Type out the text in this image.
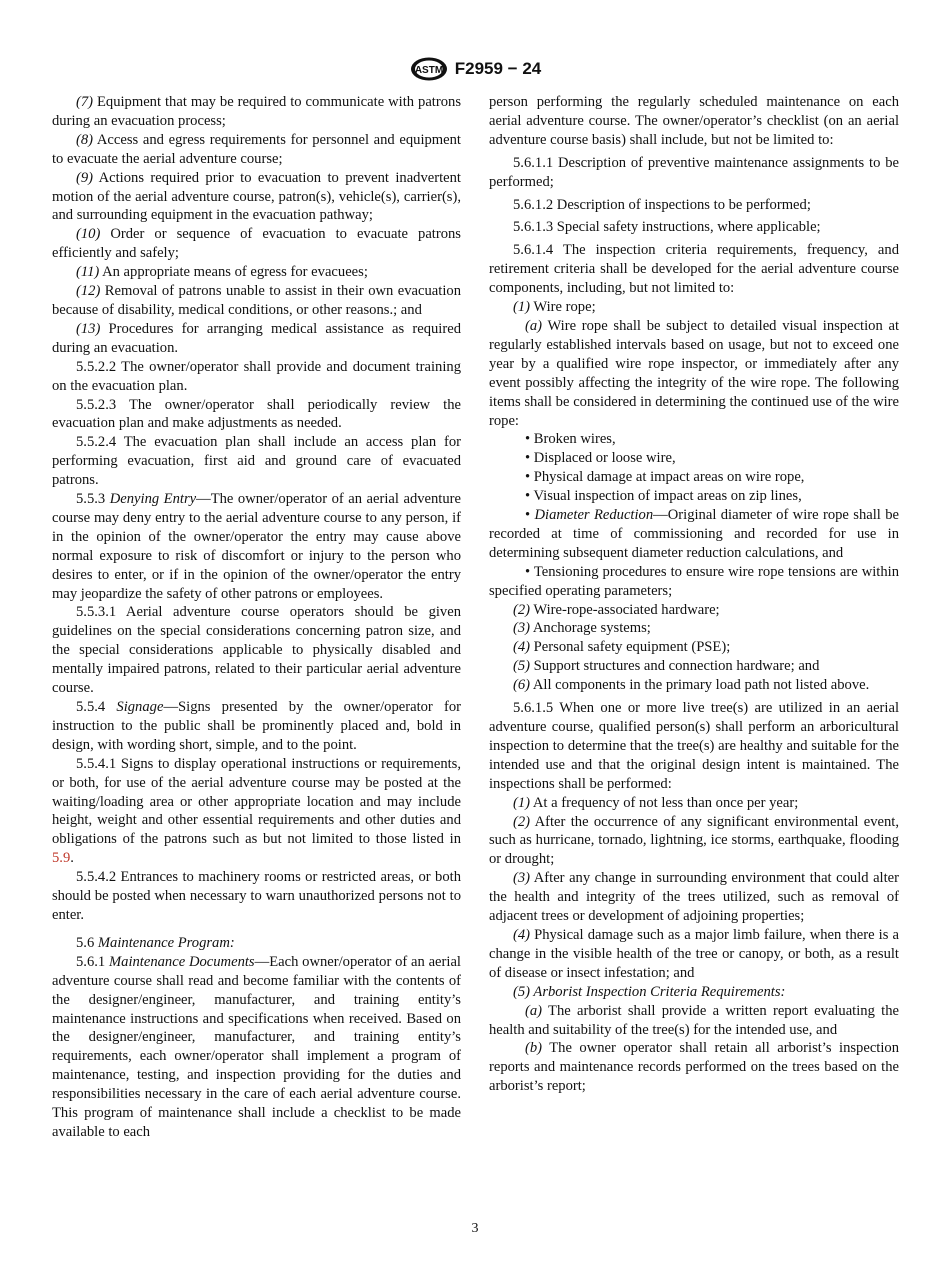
ASTM F2959 − 24

(7) Equipment that may be required to communicate with patrons during an evacuation process;

(8) Access and egress requirements for personnel and equipment to evacuate the aerial adventure course;

(9) Actions required prior to evacuation to prevent inadvertent motion of the aerial adventure course, patron(s), vehicle(s), carrier(s), and surrounding equipment in the evacuation pathway;

(10) Order or sequence of evacuation to evacuate patrons efficiently and safely;

(11) An appropriate means of egress for evacuees;

(12) Removal of patrons unable to assist in their own evacuation because of disability, medical conditions, or other reasons.; and

(13) Procedures for arranging medical assistance as required during an evacuation.

5.5.2.2 The owner/operator shall provide and document training on the evacuation plan.

5.5.2.3 The owner/operator shall periodically review the evacuation plan and make adjustments as needed.

5.5.2.4 The evacuation plan shall include an access plan for performing evacuation, first aid and ground care of evacuated patrons.

5.5.3 Denying Entry—The owner/operator of an aerial adventure course may deny entry to the aerial adventure course to any person, if in the opinion of the owner/operator the entry may cause above normal exposure to risk of discomfort or injury to the person who desires to enter, or if in the opinion of the owner/operator the entry may jeopardize the safety of other patrons or employees.

5.5.3.1 Aerial adventure course operators should be given guidelines on the special considerations concerning patron size, and the special considerations applicable to physically disabled and mentally impaired patrons, related to their particular aerial adventure course.

5.5.4 Signage—Signs presented by the owner/operator for instruction to the public shall be prominently placed and, bold in design, with wording short, simple, and to the point.

5.5.4.1 Signs to display operational instructions or requirements, or both, for use of the aerial adventure course may be posted at the waiting/loading area or other appropriate location and may include height, weight and other essential requirements and other duties and obligations of the patrons such as but not limited to those listed in 5.9.

5.5.4.2 Entrances to machinery rooms or restricted areas, or both should be posted when necessary to warn unauthorized persons not to enter.

5.6 Maintenance Program:

5.6.1 Maintenance Documents—Each owner/operator of an aerial adventure course shall read and become familiar with the contents of the designer/engineer, manufacturer, and training entity’s maintenance instructions and specifications when received. Based on the designer/engineer, manufacturer, and training entity’s requirements, each owner/operator shall implement a program of maintenance, testing, and inspection providing for the duties and responsibilities necessary in the care of each aerial adventure course. This program of maintenance shall include a checklist to be made available to each

person performing the regularly scheduled maintenance on each aerial adventure course. The owner/operator’s checklist (on an aerial adventure course basis) shall include, but not be limited to:

5.6.1.1 Description of preventive maintenance assignments to be performed;

5.6.1.2 Description of inspections to be performed;

5.6.1.3 Special safety instructions, where applicable;

5.6.1.4 The inspection criteria requirements, frequency, and retirement criteria shall be developed for the aerial adventure course components, including, but not limited to:

(1) Wire rope;

(a) Wire rope shall be subject to detailed visual inspection at regularly established intervals based on usage, but not to exceed one year by a qualified wire rope inspector, or immediately after any event possibly affecting the integrity of the wire rope. The following items shall be considered in determining the continued use of the wire rope:

• Broken wires,

• Displaced or loose wire,

• Physical damage at impact areas on wire rope,

• Visual inspection of impact areas on zip lines,

• Diameter Reduction—Original diameter of wire rope shall be recorded at time of commissioning and recorded for use in determining subsequent diameter reduction calculations, and

• Tensioning procedures to ensure wire rope tensions are within specified operating parameters;

(2) Wire-rope-associated hardware;

(3) Anchorage systems;

(4) Personal safety equipment (PSE);

(5) Support structures and connection hardware; and

(6) All components in the primary load path not listed above.

5.6.1.5 When one or more live tree(s) are utilized in an aerial adventure course, qualified person(s) shall perform an arboricultural inspection to determine that the tree(s) are healthy and suitable for the intended use and that the original design intent is maintained. The inspections shall be performed:

(1) At a frequency of not less than once per year;

(2) After the occurrence of any significant environmental event, such as hurricane, tornado, lightning, ice storms, earthquake, flooding or drought;

(3) After any change in surrounding environment that could alter the health and integrity of the trees utilized, such as removal of adjacent trees or development of adjoining properties;

(4) Physical damage such as a major limb failure, when there is a change in the visible health of the tree or canopy, or both, as a result of disease or insect infestation; and

(5) Arborist Inspection Criteria Requirements:

(a) The arborist shall provide a written report evaluating the health and suitability of the tree(s) for the intended use, and

(b) The owner operator shall retain all arborist’s inspection reports and maintenance records performed on the trees based on the arborist’s report;

3
